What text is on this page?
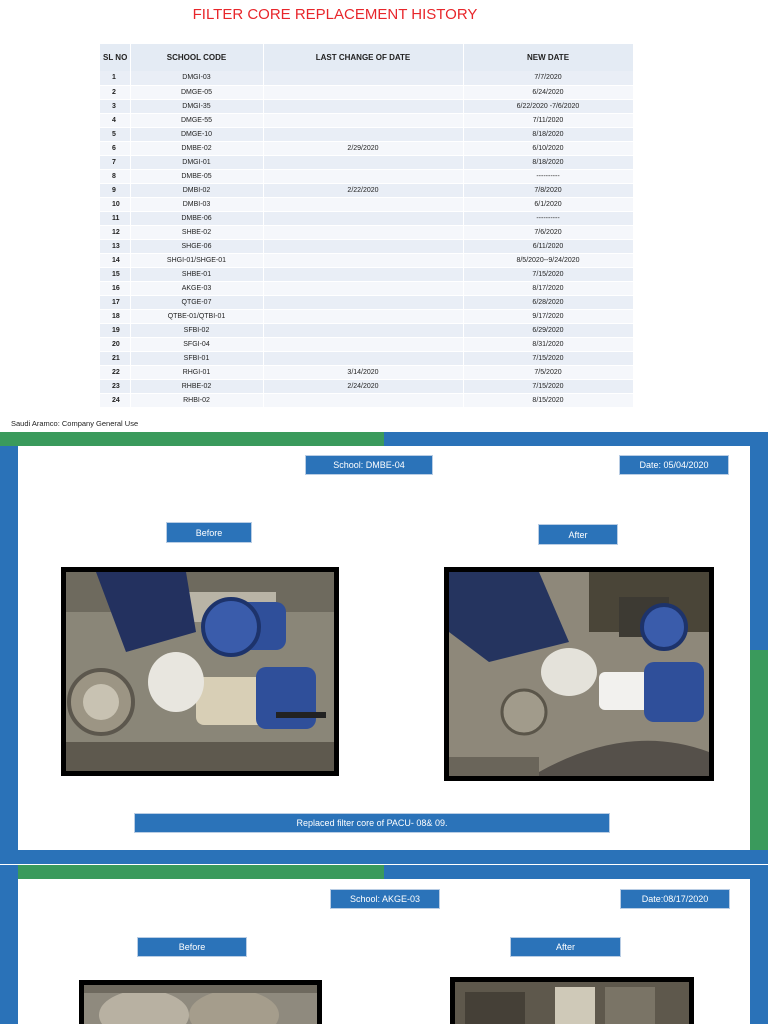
FILTER CORE REPLACEMENT HISTORY
SL NO	SCHOOL CODE	LAST CHANGE OF DATE	NEW DATE
1	DMGI-03		7/7/2020
2	DMGE-05		6/24/2020
3	DMGI-35		6/22/2020 -7/6/2020
4	DMGE-55		7/11/2020
5	DMGE-10		8/18/2020
6	DMBE-02	2/29/2020	6/10/2020
7	DMGI-01		8/18/2020
8	DMBE-05		----------
9	DMBI-02	2/22/2020	7/8/2020
10	DMBI-03		6/1/2020
11	DMBE-06		----------
12	SHBE-02		7/6/2020
13	SHGE-06		6/11/2020
14	SHGI-01/SHGE-01		8/5/2020--9/24/2020
15	SHBE-01		7/15/2020
16	AKGE-03		8/17/2020
17	QTGE-07		6/28/2020
18	QTBE-01/QTBI-01		9/17/2020
19	SFBI-02		6/29/2020
20	SFGI-04		8/31/2020
21	SFBI-01		7/15/2020
22	RHGI-01	3/14/2020	7/5/2020
23	RHBE-02	2/24/2020	7/15/2020
24	RHBI-02		8/15/2020
Saudi Aramco: Company General Use
School: DMBE-04	Date: 05/04/2020
Before	After
Replaced filter core of PACU- 08& 09.
School: AKGE-03	Date:08/17/2020
Before	After
